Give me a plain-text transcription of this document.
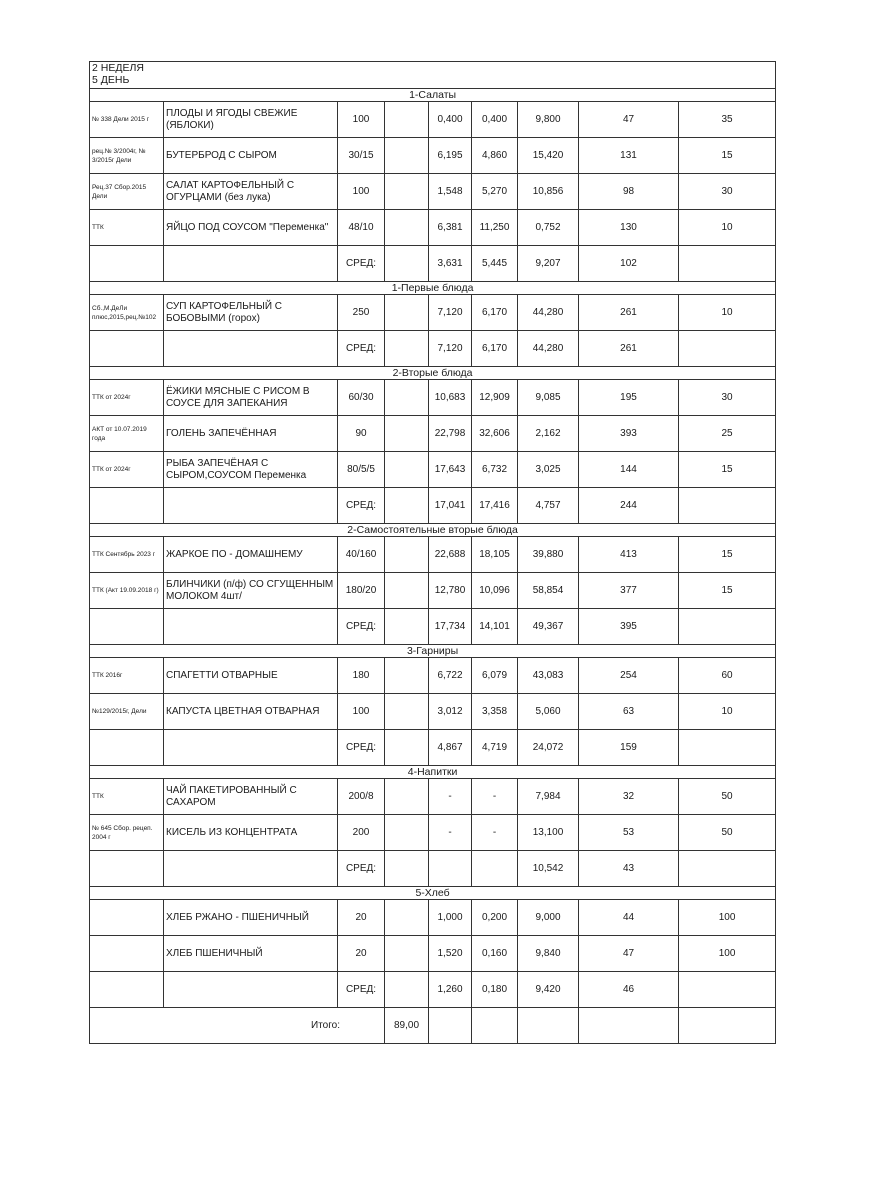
2 НЕДЕЛЯ
5 ДЕНЬ								

1-Салаты								
№ 338 Дели 2015 г	ПЛОДЫ И ЯГОДЫ СВЕЖИЕ (ЯБЛОКИ)	100		0,400	0,400	9,800	47	35
рец.№ 3/2004г, № 3/2015г Дели	БУТЕРБРОД С СЫРОМ	30/15		6,195	4,860	15,420	131	15
Рец.37 Сбор.2015 Дели	САЛАТ КАРТОФЕЛЬНЫЙ С ОГУРЦАМИ (без лука)	100		1,548	5,270	10,856	98	30
ТТК	ЯЙЦО ПОД СОУСОМ "Переменка"	48/10		6,381	11,250	0,752	130	10
		СРЕД:		3,631	5,445	9,207	102	
1-Первые блюда								
Сб.,М.ДеЛи плюс,2015,рец.№102	СУП КАРТОФЕЛЬНЫЙ С БОБОВЫМИ (горох)	250		7,120	6,170	44,280	261	10
		СРЕД:		7,120	6,170	44,280	261	
2-Вторые блюда								
ТТК от 2024г	ЁЖИКИ МЯСНЫЕ С РИСОМ В СОУСЕ ДЛЯ ЗАПЕКАНИЯ	60/30		10,683	12,909	9,085	195	30
АКТ от 10.07.2019 года	ГОЛЕНЬ ЗАПЕЧЁННАЯ	90		22,798	32,606	2,162	393	25
ТТК от 2024г	РЫБА ЗАПЕЧЁНАЯ С СЫРОМ,СОУСОМ Переменка	80/5/5		17,643	6,732	3,025	144	15
		СРЕД:		17,041	17,416	4,757	244	
2-Самостоятельные вторые блюда								
ТТК Сентябрь 2023 г	ЖАРКОЕ ПО - ДОМАШНЕМУ	40/160		22,688	18,105	39,880	413	15
ТТК (Акт 19.09.2018 г)	БЛИНЧИКИ (п/ф) СО СГУЩЕННЫМ МОЛОКОМ 4шт/	180/20		12,780	10,096	58,854	377	15
		СРЕД:		17,734	14,101	49,367	395	
3-Гарниры								
ТТК 2016г	СПАГЕТТИ ОТВАРНЫЕ	180		6,722	6,079	43,083	254	60
№129/2015г, Дели	КАПУСТА ЦВЕТНАЯ ОТВАРНАЯ	100		3,012	3,358	5,060	63	10
		СРЕД:		4,867	4,719	24,072	159	
4-Напитки								
ТТК	ЧАЙ ПАКЕТИРОВАННЫЙ С САХАРОМ	200/8		-	-	7,984	32	50
№ 645 Сбор. рецеп. 2004 г	КИСЕЛЬ ИЗ КОНЦЕНТРАТА	200		-	-	13,100	53	50
		СРЕД:				10,542	43	
5-Хлеб								
	ХЛЕБ РЖАНО - ПШЕНИЧНЫЙ	20		1,000	0,200	9,000	44	100
	ХЛЕБ ПШЕНИЧНЫЙ	20		1,520	0,160	9,840	47	100
		СРЕД:		1,260	0,180	9,420	46	
Итого:			89,00					
